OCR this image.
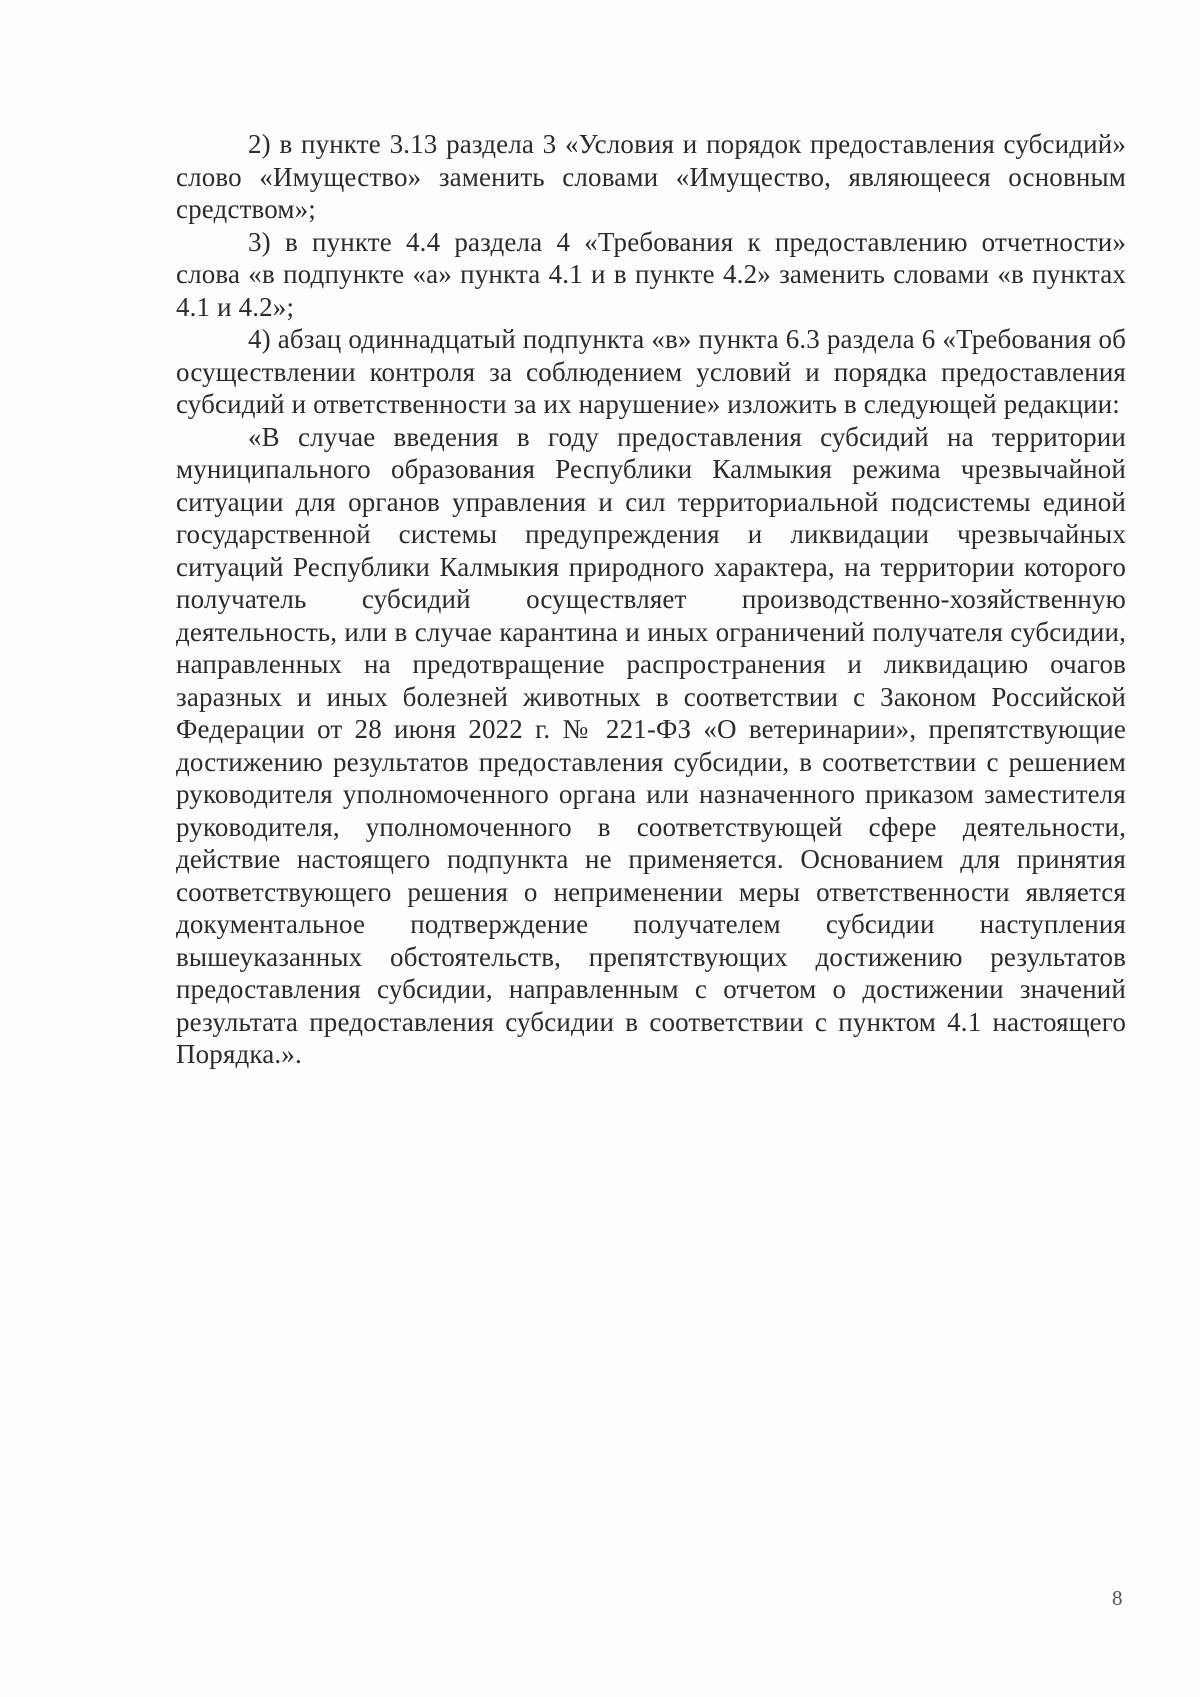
2) в пункте 3.13 раздела 3 «Условия и порядок предоставления субсидий» слово «Имущество» заменить словами «Имущество, являющееся основным средством»;

3) в пункте 4.4 раздела 4 «Требования к предоставлению отчетности» слова «в подпункте «а» пункта 4.1 и в пункте 4.2» заменить словами «в пунктах 4.1 и 4.2»;

4) абзац одиннадцатый подпункта «в» пункта 6.3 раздела 6 «Требования об осуществлении контроля за соблюдением условий и порядка предоставления субсидий и ответственности за их нарушение» изложить в следующей редакции:

«В случае введения в году предоставления субсидий на территории муниципального образования Республики Калмыкия режима чрезвычайной ситуации для органов управления и сил территориальной подсистемы единой государственной системы предупреждения и ликвидации чрезвычайных ситуаций Республики Калмыкия природного характера, на территории которого получатель субсидий осуществляет производственно-хозяйственную деятельность, или в случае карантина и иных ограничений получателя субсидии, направленных на предотвращение распространения и ликвидацию очагов заразных и иных болезней животных в соответствии с Законом Российской Федерации от 28 июня 2022 г. № 221-ФЗ «О ветеринарии», препятствующие достижению результатов предоставления субсидии, в соответствии с решением руководителя уполномоченного органа или назначенного приказом заместителя руководителя, уполномоченного в соответствующей сфере деятельности, действие настоящего подпункта не применяется. Основанием для принятия соответствующего решения о неприменении меры ответственности является документальное подтверждение получателем субсидии наступления вышеуказанных обстоятельств, препятствующих достижению результатов предоставления субсидии, направленным с отчетом о достижении значений результата предоставления субсидии в соответствии с пунктом 4.1 настоящего Порядка.».

8
